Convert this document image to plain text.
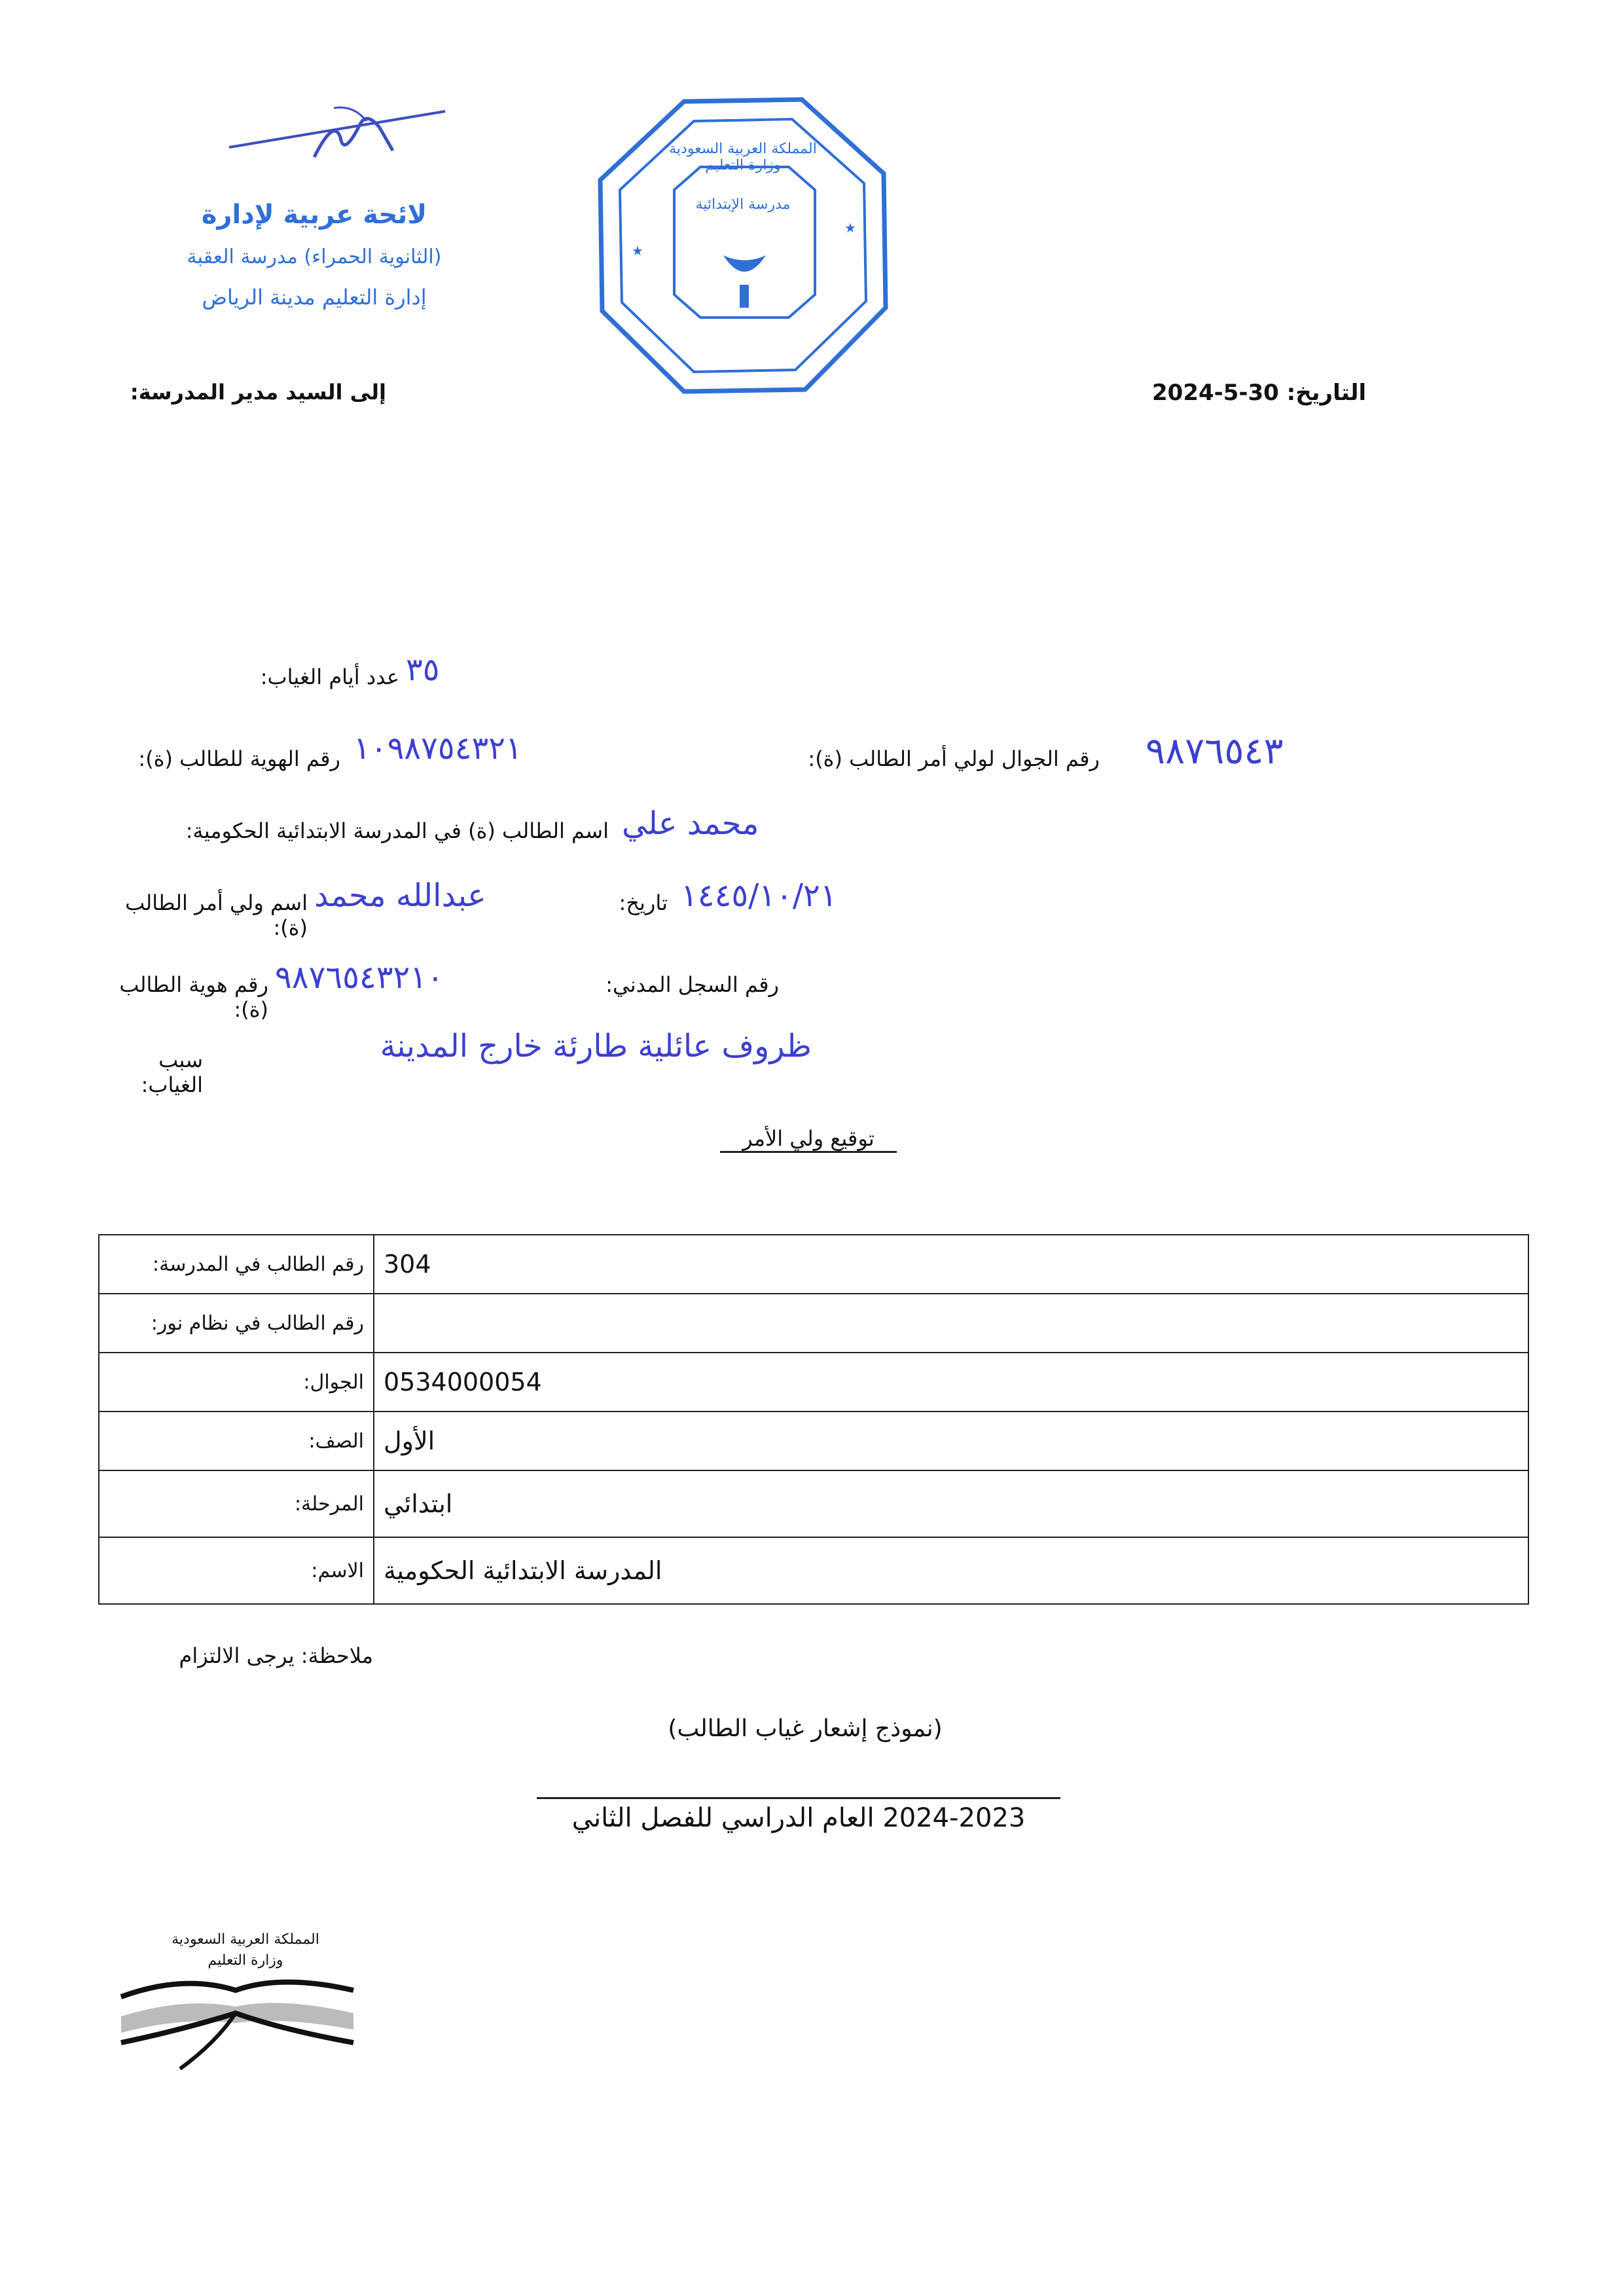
لائحة عربية لإدارة
(الثانوية الحمراء) مدرسة العقبة
إدارة التعليم مدينة الرياض
★
★
المملكة العربية السعودية وزارة التعليم
مدرسة الإبتدائية
إلى السيد مدير المدرسة:	2024-5-30 التاريخ:
عدد أيام الغياب: ٣٥
رقم الهوية للطالب (ة): ١٠٩٨٧٥٤٣٢١	رقم الجوال لولي أمر الطالب (ة): ٩٨٧٦٥٤٣
اسم الطالب (ة) في المدرسة الابتدائية الحكومية: محمد علي
اسم ولي أمر الطالب (ة):
عبدالله محمد	تاريخ: ١٤٤٥/١٠/٢١
رقم هوية الطالب (ة):
٩٨٧٦٥٤٣٢١٠	رقم السجل المدني:
سبب الغياب:
ظروف عائلية طارئة خارج المدينة
توقيع ولي الأمر
رقم الطالب في المدرسة:	304
رقم الطالب في نظام نور:	
الجوال:	0534000054
الصف:	الأول
المرحلة:	ابتدائي
الاسم:	المدرسة الابتدائية الحكومية
ملاحظة: يرجى الالتزام
(نموذج إشعار غياب الطالب)
2024-2023 العام الدراسي للفصل الثاني
المملكة العربية السعودية
وزارة التعليم
